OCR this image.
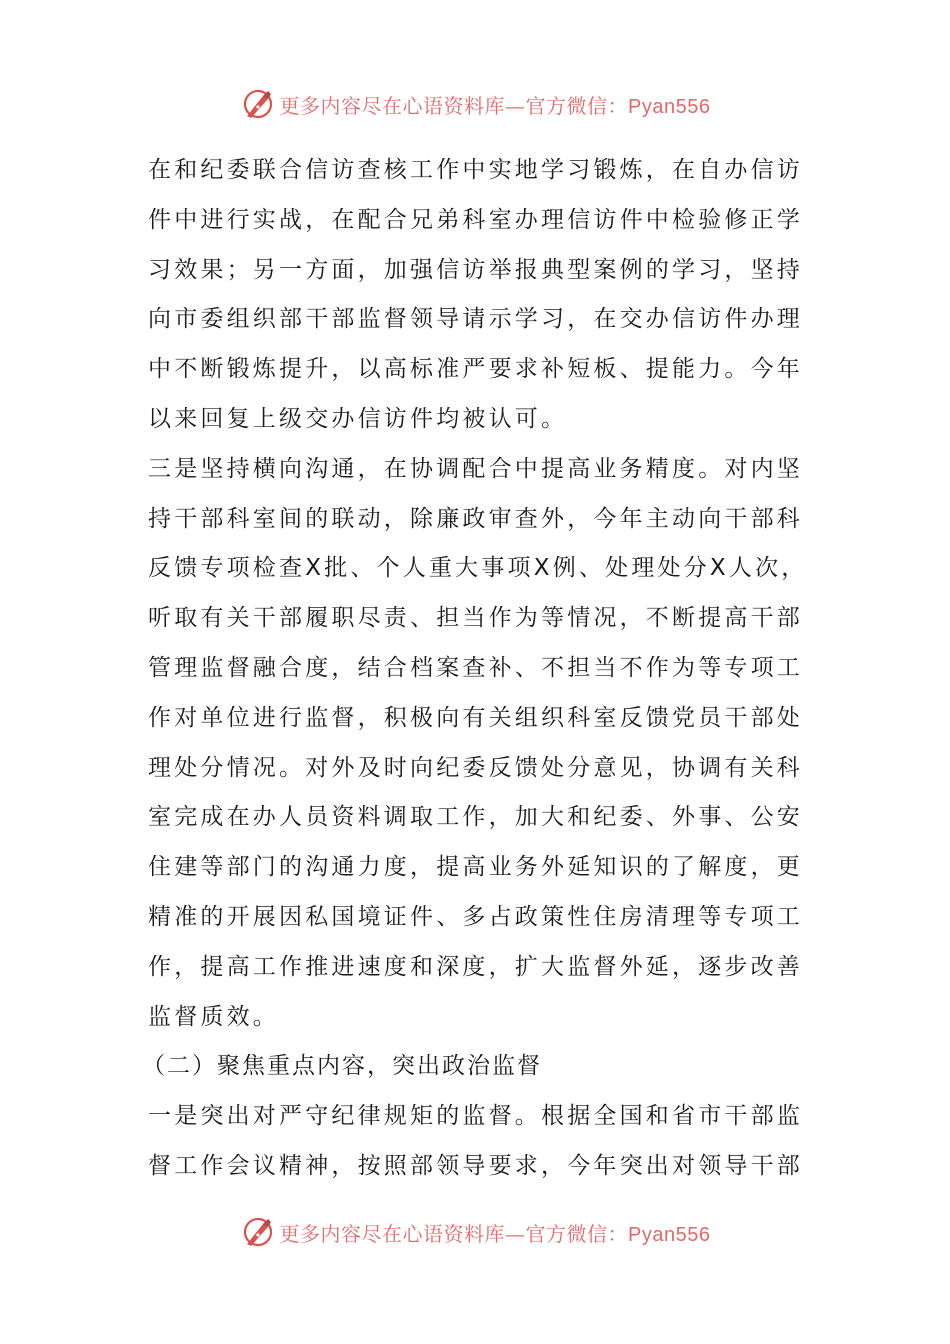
更多内容尽在心语资料库—官方微信：Pyan556
在和纪委联合信访查核工作中实地学习锻炼，在自办信访
件中进行实战，在配合兄弟科室办理信访件中检验修正学
习效果；另一方面，加强信访举报典型案例的学习，坚持
向市委组织部干部监督领导请示学习，在交办信访件办理
中不断锻炼提升，以高标准严要求补短板、提能力。今年
以来回复上级交办信访件均被认可。
三是坚持横向沟通，在协调配合中提高业务精度。对内坚
持干部科室间的联动，除廉政审查外，今年主动向干部科
反馈专项检查X批、个人重大事项X例、处理处分X人次，
听取有关干部履职尽责、担当作为等情况，不断提高干部
管理监督融合度，结合档案查补、不担当不作为等专项工
作对单位进行监督，积极向有关组织科室反馈党员干部处
理处分情况。对外及时向纪委反馈处分意见，协调有关科
室完成在办人员资料调取工作，加大和纪委、外事、公安
住建等部门的沟通力度，提高业务外延知识的了解度，更
精准的开展因私国境证件、多占政策性住房清理等专项工
作，提高工作推进速度和深度，扩大监督外延，逐步改善
监督质效。
（二）聚焦重点内容，突出政治监督
一是突出对严守纪律规矩的监督。根据全国和省市干部监
督工作会议精神，按照部领导要求，今年突出对领导干部
更多内容尽在心语资料库—官方微信：Pyan556
